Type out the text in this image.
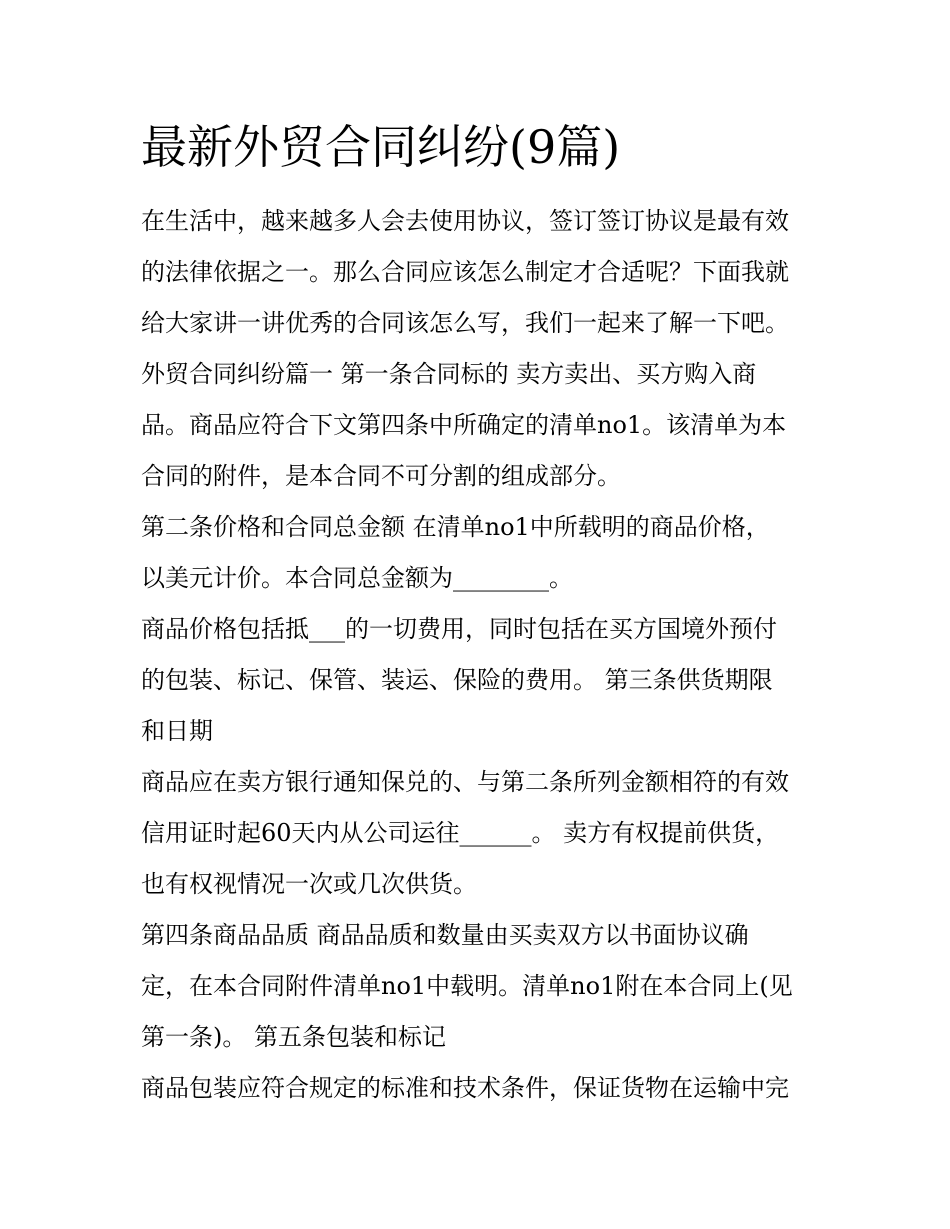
最新外贸合同纠纷(9篇)
在生活中，越来越多人会去使用协议，签订签订协议是最有效
的法律依据之一。那么合同应该怎么制定才合适呢？下面我就
给大家讲一讲优秀的合同该怎么写，我们一起来了解一下吧。
外贸合同纠纷篇一 第一条合同标的 卖方卖出、买方购入商
品。商品应符合下文第四条中所确定的清单no1。该清单为本
合同的附件，是本合同不可分割的组成部分。
第二条价格和合同总金额 在清单no1中所载明的商品价格，
以美元计价。本合同总金额为________。
商品价格包括抵___的一切费用，同时包括在买方国境外预付
的包装、标记、保管、装运、保险的费用。 第三条供货期限
和日期
商品应在卖方银行通知保兑的、与第二条所列金额相符的有效
信用证时起60天内从公司运往______。 卖方有权提前供货，
也有权视情况一次或几次供货。
第四条商品品质 商品品质和数量由买卖双方以书面协议确
定，在本合同附件清单no1中载明。清单no1附在本合同上(见
第一条)。 第五条包装和标记
商品包装应符合规定的标准和技术条件，保证货物在运输中完
